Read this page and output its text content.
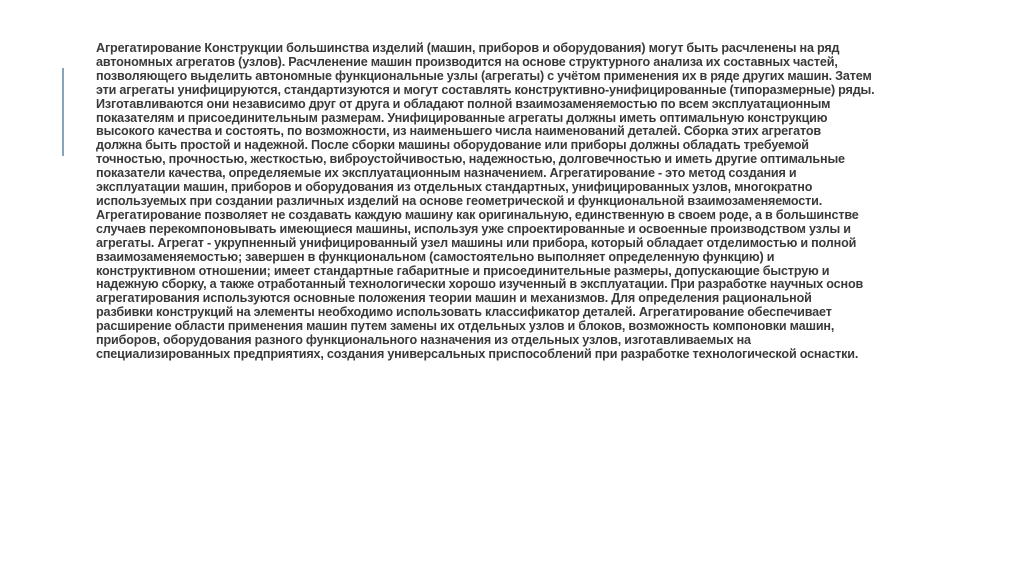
Агрегатирование Конструкции большинства изделий (машин, приборов и оборудования) могут быть расчленены на ряд
автономных агрегатов (узлов). Расчленение машин производится на основе структурного анализа их составных частей,
позволяющего выделить автономные функциональные узлы (агрегаты) с учётом применения их в ряде других машин. Затем
эти агрегаты унифицируются, стандартизуются и могут составлять конструктивно-унифицированные (типоразмерные) ряды.
Изготавливаются они независимо друг от друга и обладают полной взаимозаменяемостью по всем эксплуатационным
показателям и присоединительным размерам. Унифицированные агрегаты должны иметь оптимальную конструкцию
высокого качества и состоять, по возможности, из наименьшего числа наименований деталей. Сборка этих агрегатов
должна быть простой и надежной. После сборки машины оборудование или приборы должны обладать требуемой
точностью, прочностью, жесткостью, виброустойчивостью, надежностью, долговечностью и иметь другие оптимальные
показатели качества, определяемые их эксплуатационным назначением. Агрегатирование - это метод создания и
эксплуатации машин, приборов и оборудования из отдельных стандартных, унифицированных узлов, многократно
используемых при создании различных изделий на основе геометрической и функциональной взаимозаменяемости.
Агрегатирование позволяет не создавать каждую машину как оригинальную, единственную в своем роде, а в большинстве
случаев перекомпоновывать имеющиеся машины, используя уже спроектированные и освоенные производством узлы и
агрегаты. Агрегат - укрупненный унифицированный узел машины или прибора, который обладает отделимостью и полной
взаимозаменяемостью; завершен в функциональном (самостоятельно выполняет определенную функцию) и
конструктивном отношении; имеет стандартные габаритные и присоединительные размеры, допускающие быструю и
надежную сборку, а также отработанный технологически хорошо изученный в эксплуатации. При разработке научных основ
агрегатирования используются основные положения теории машин и механизмов. Для определения рациональной
разбивки конструкций на элементы необходимо использовать классификатор деталей. Агрегатирование обеспечивает
расширение области применения машин путем замены их отдельных узлов и блоков, возможность компоновки машин,
приборов, оборудования разного функционального назначения из отдельных узлов, изготавливаемых на
специализированных предприятиях, создания универсальных приспособлений при разработке технологической оснастки.
